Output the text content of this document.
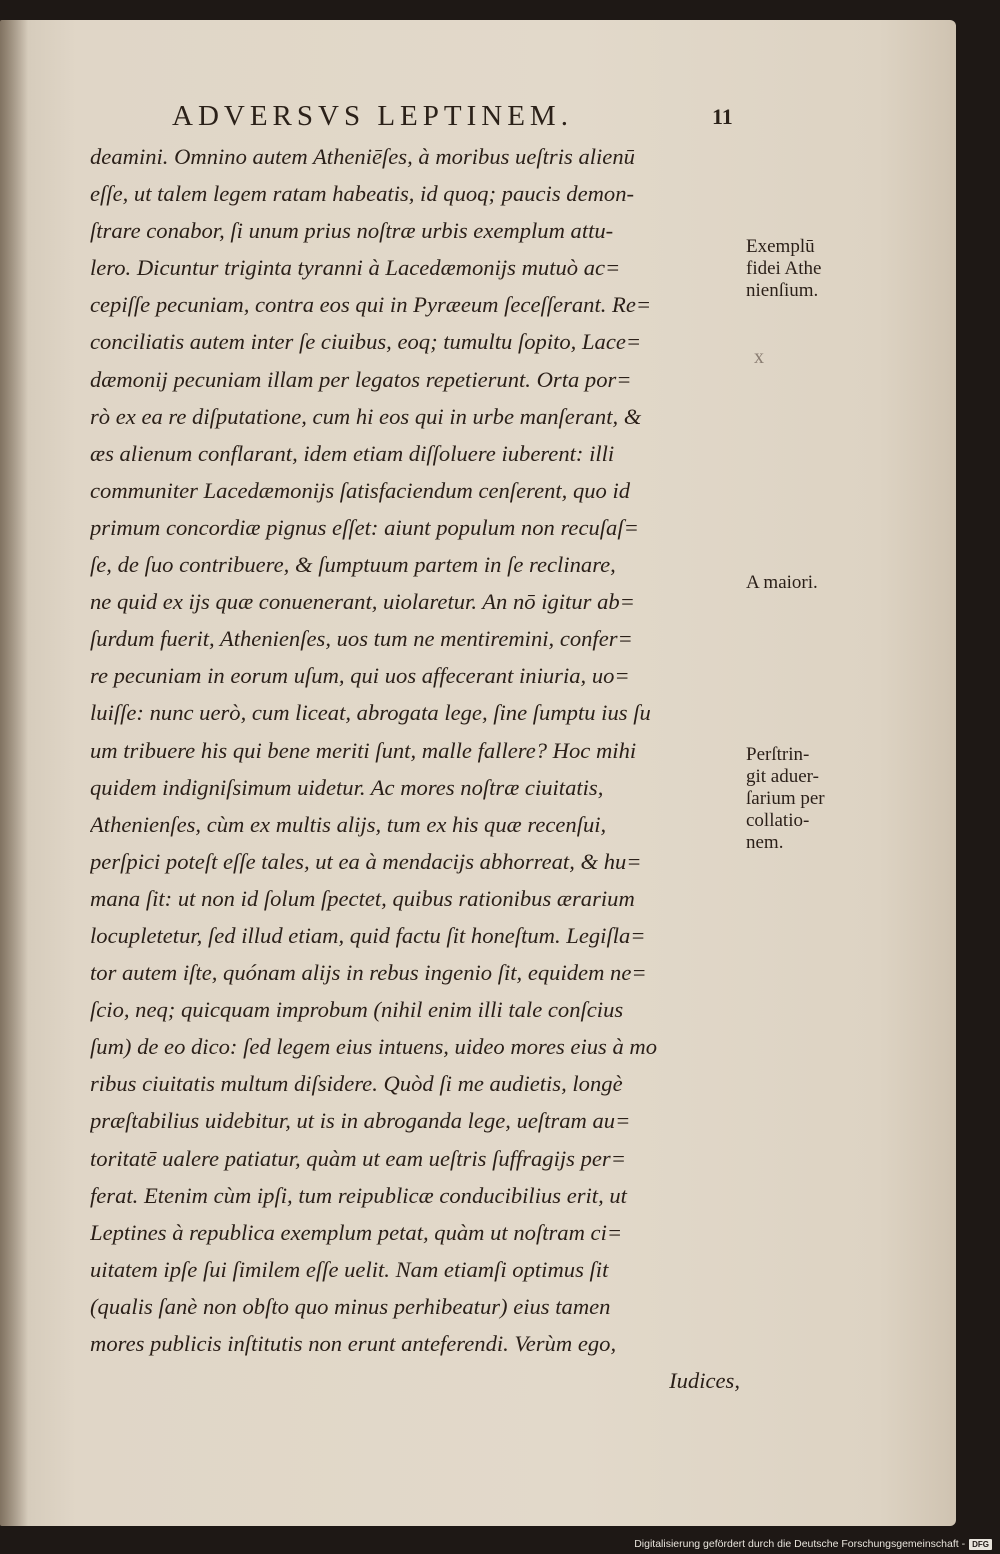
ADVERSVS LEPTINEM.	11
deamini. Omnino autem Atheniēſes, à moribus ueſtris alienū
eſſe, ut talem legem ratam habeatis, id quoq; paucis demon-
ſtrare conabor, ſi unum prius noſtræ urbis exemplum attu-
lero. Dicuntur triginta tyranni à Lacedæmonijs mutuò ac=
cepiſſe pecuniam, contra eos qui in Pyræeum ſeceſſerant. Re=
conciliatis autem inter ſe ciuibus, eoq; tumultu ſopito, Lace=
dæmonij pecuniam illam per legatos repetierunt. Orta por=
rò ex ea re diſputatione, cum hi eos qui in urbe manſerant, &
æs alienum conflarant, idem etiam diſſoluere iuberent: illi
communiter Lacedæmonijs ſatisfaciendum cenſerent, quo id
primum concordiæ pignus eſſet: aiunt populum non recuſaſ=
ſe, de ſuo contribuere, & ſumptuum partem in ſe reclinare,
ne quid ex ijs quæ conuenerant, uiolaretur. An nō igitur ab=
ſurdum fuerit, Athenienſes, uos tum ne mentiremini, confer=
re pecuniam in eorum uſum, qui uos affecerant iniuria, uo=
luiſſe: nunc uerò, cum liceat, abrogata lege, ſine ſumptu ius ſu
um tribuere his qui bene meriti ſunt, malle fallere? Hoc mihi
quidem indigniſsimum uidetur. Ac mores noſtræ ciuitatis,
Athenienſes, cùm ex multis alijs, tum ex his quæ recenſui,
perſpici poteſt eſſe tales, ut ea à mendacijs abhorreat, & hu=
mana ſit: ut non id ſolum ſpectet, quibus rationibus ærarium
locupletetur, ſed illud etiam, quid factu ſit honeſtum. Legiſla=
tor autem iſte, quónam alijs in rebus ingenio ſit, equidem ne=
ſcio, neq; quicquam improbum (nihil enim illi tale conſcius
ſum) de eo dico: ſed legem eius intuens, uideo mores eius à mo
ribus ciuitatis multum diſsidere. Quòd ſi me audietis, longè
præſtabilius uidebitur, ut is in abroganda lege, ueſtram au=
toritatē ualere patiatur, quàm ut eam ueſtris ſuffragijs per=
ferat. Etenim cùm ipſi, tum reipublicæ conducibilius erit, ut
Leptines à republica exemplum petat, quàm ut noſtram ci=
uitatem ipſe ſui ſimilem eſſe uelit. Nam etiamſi optimus ſit
(qualis ſanè non obſto quo minus perhibeatur) eius tamen
mores publicis inſtitutis non erunt anteferendi. Verùm ego,
Iudices,
Exemplū
fidei Athe
nienſium.
x
A maiori.
Perſtrin-
git aduer-
ſarium per
collatio-
nem.
Digitalisierung gefördert durch die Deutsche Forschungsgemeinschaft - DFG
